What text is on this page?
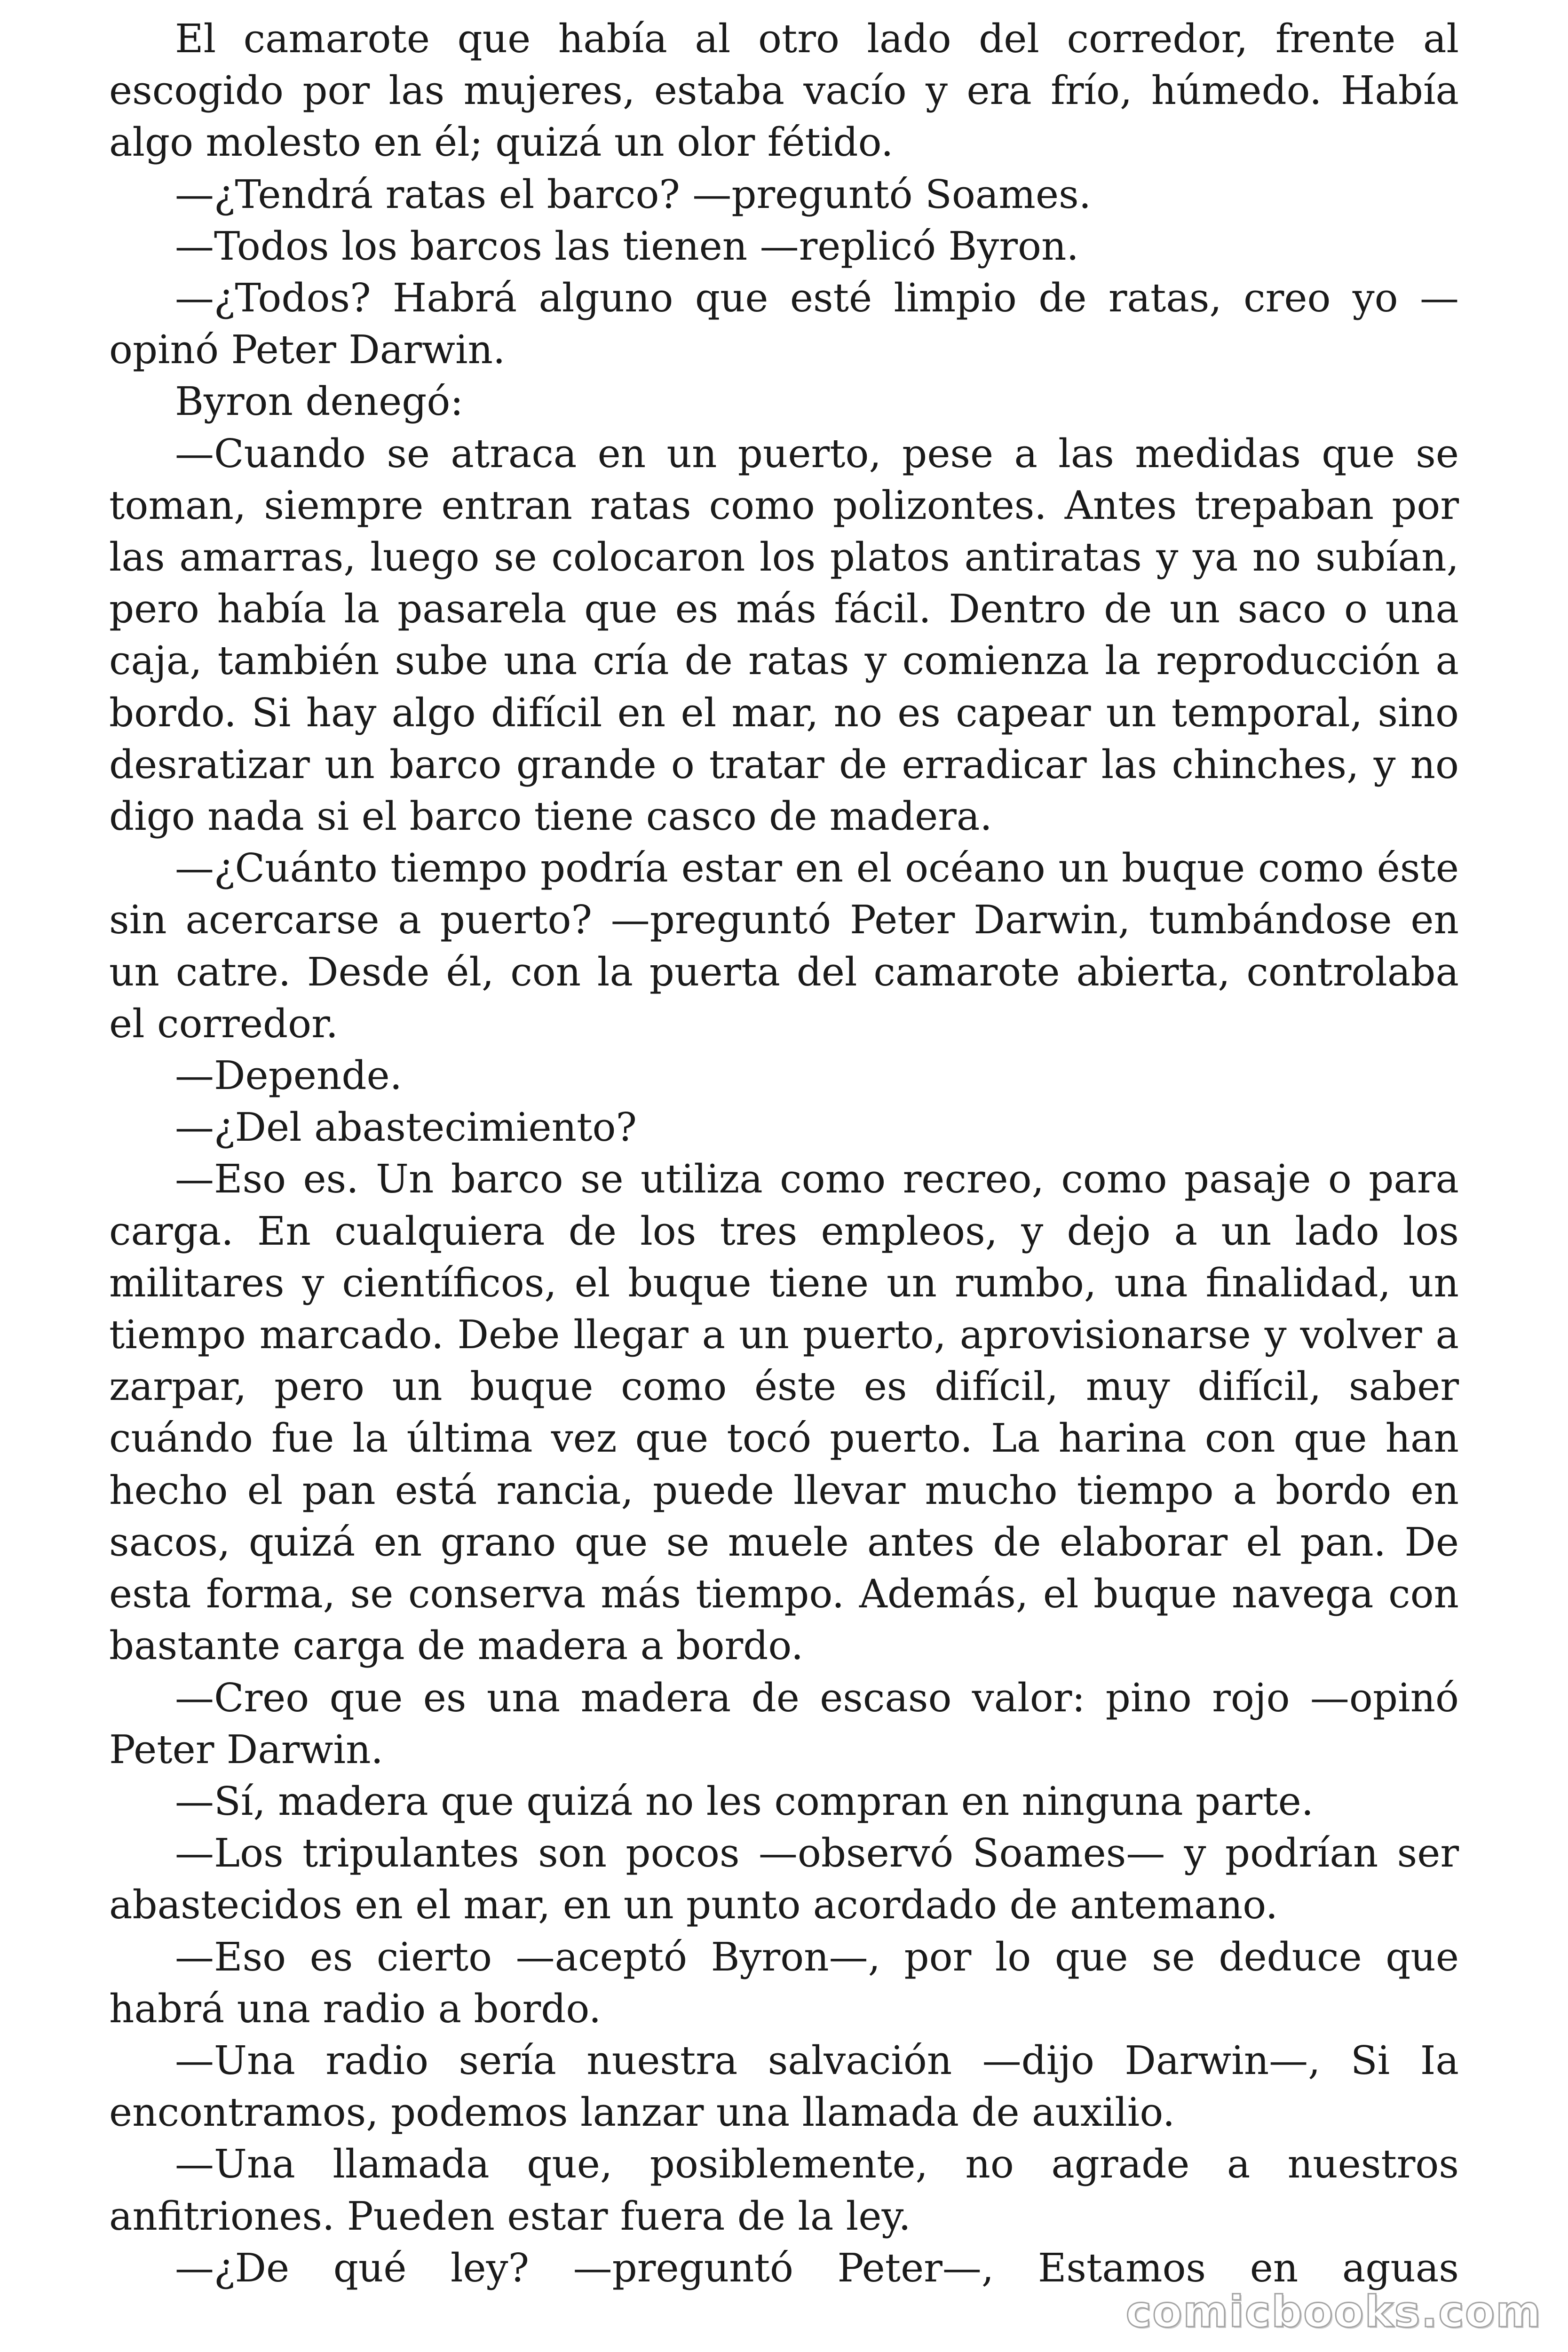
El camarote que había al otro lado del corredor, frente al escogido por las mujeres, estaba vacío y era frío, húmedo. Había algo molesto en él; quizá un olor fétido.

—¿Tendrá ratas el barco? —preguntó Soames.

—Todos los barcos las tienen —replicó Byron.

—¿Todos? Habrá alguno que esté limpio de ratas, creo yo —opinó Peter Darwin.

Byron denegó:

—Cuando se atraca en un puerto, pese a las medidas que se toman, siempre entran ratas como polizontes. Antes trepaban por las amarras, luego se colocaron los platos antiratas y ya no subían, pero había la pasarela que es más fácil. Dentro de un saco o una caja, también sube una cría de ratas y comienza la reproducción a bordo. Si hay algo difícil en el mar, no es capear un temporal, sino desratizar un barco grande o tratar de erradicar las chinches, y no digo nada si el barco tiene casco de madera.

—¿Cuánto tiempo podría estar en el océano un buque como éste sin acercarse a puerto? —preguntó Peter Darwin, tumbándose en un catre. Desde él, con la puerta del camarote abierta, controlaba el corredor.

—Depende.

—¿Del abastecimiento?

—Eso es. Un barco se utiliza como recreo, como pasaje o para carga. En cualquiera de los tres empleos, y dejo a un lado los militares y científicos, el buque tiene un rumbo, una finalidad, un tiempo marcado. Debe llegar a un puerto, aprovisionarse y volver a zarpar, pero un buque como éste es difícil, muy difícil, saber cuándo fue la última vez que tocó puerto. La harina con que han hecho el pan está rancia, puede llevar mucho tiempo a bordo en sacos, quizá en grano que se muele antes de elaborar el pan. De esta forma, se conserva más tiempo. Además, el buque navega con bastante carga de madera a bordo.

—Creo que es una madera de escaso valor: pino rojo —opinó Peter Darwin.

—Sí, madera que quizá no les compran en ninguna parte.

—Los tripulantes son pocos —observó Soames— y podrían ser abastecidos en el mar, en un punto acordado de antemano.

—Eso es cierto —aceptó Byron—, por lo que se deduce que habrá una radio a bordo.

—Una radio sería nuestra salvación —dijo Darwin—, Si Ia encontramos, podemos lanzar una llamada de auxilio.

—Una llamada que, posiblemente, no agrade a nuestros anfitriones. Pueden estar fuera de la ley.

—¿De qué ley? —preguntó Peter—, Estamos en aguas

comicbooks.com
